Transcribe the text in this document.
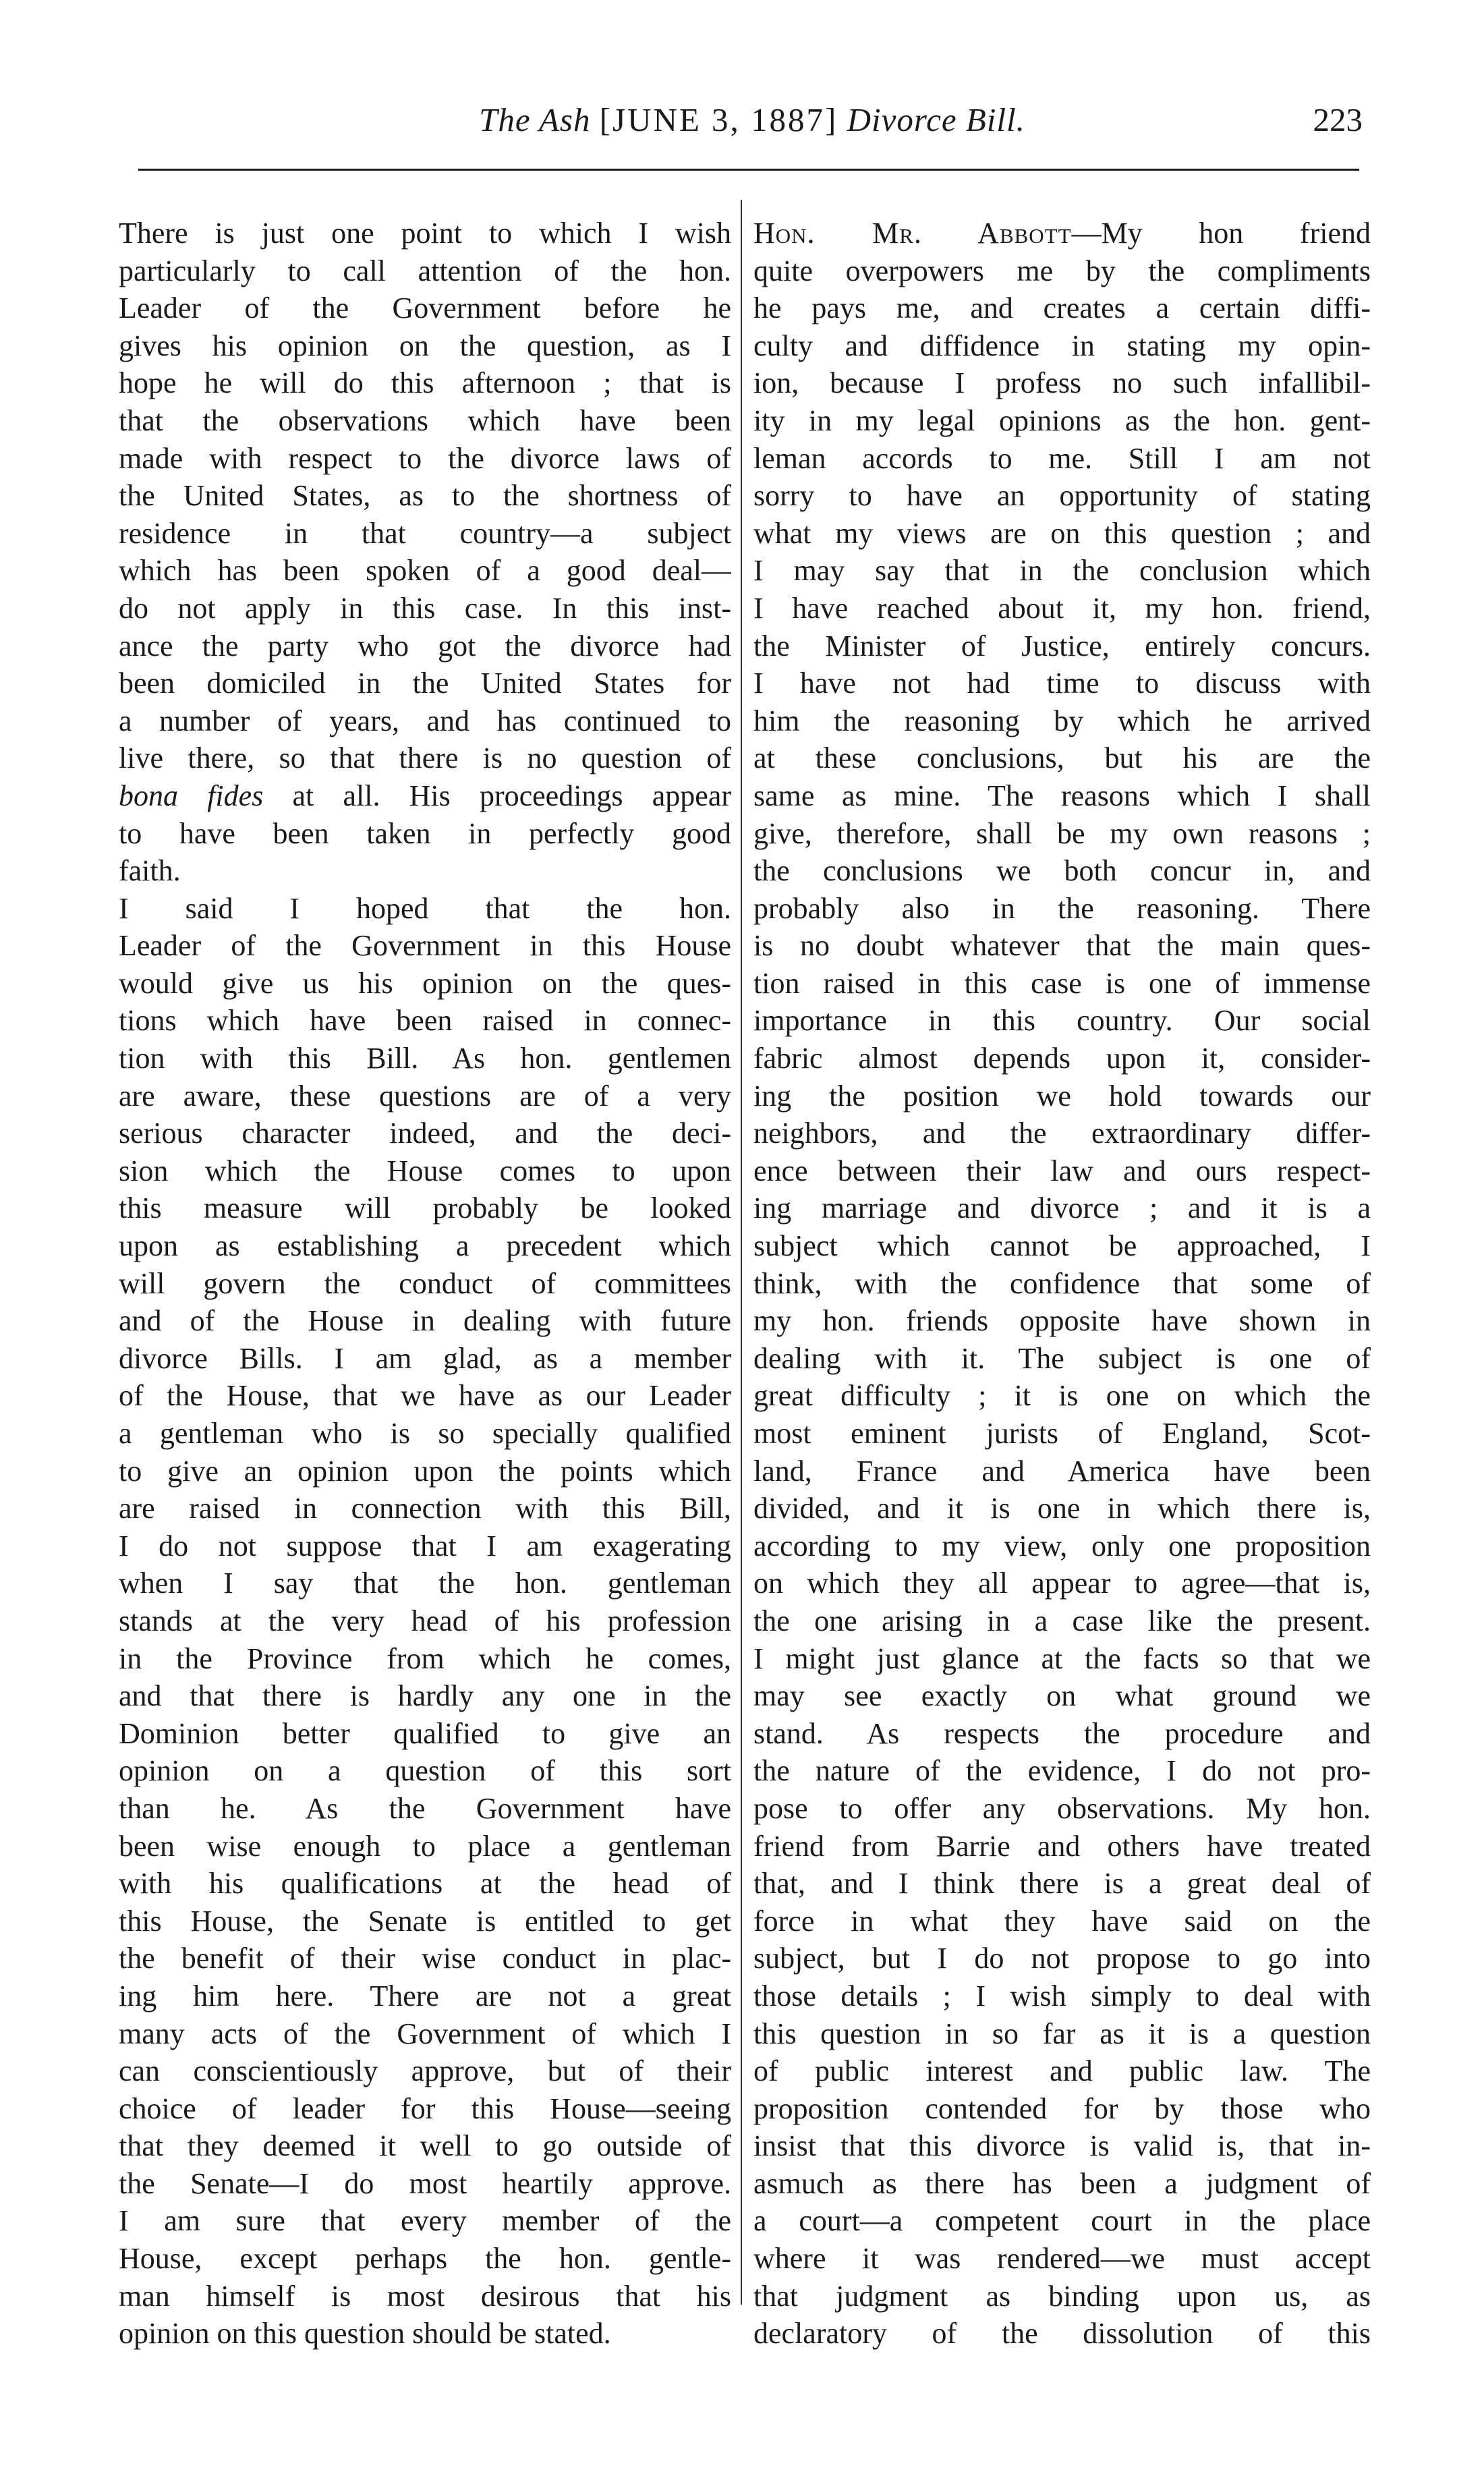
The Ash [JUNE 3, 1887] Divorce Bill.	223
There is just one point to which I wish
particularly to call attention of the hon.
Leader of the Government before he
gives his opinion on the question, as I
hope he will do this afternoon ; that is
that the observations which have been
made with respect to the divorce laws of
the United States, as to the shortness of
residence in that country—a subject
which has been spoken of a good deal—
do not apply in this case. In this inst-
ance the party who got the divorce had
been domiciled in the United States for
a number of years, and has continued to
live there, so that there is no question of
bona fides at all. His proceedings appear
to have been taken in perfectly good
faith.
I said I hoped that the hon.
Leader of the Government in this House
would give us his opinion on the ques-
tions which have been raised in connec-
tion with this Bill. As hon. gentlemen
are aware, these questions are of a very
serious character indeed, and the deci-
sion which the House comes to upon
this measure will probably be looked
upon as establishing a precedent which
will govern the conduct of committees
and of the House in dealing with future
divorce Bills. I am glad, as a member
of the House, that we have as our Leader
a gentleman who is so specially qualified
to give an opinion upon the points which
are raised in connection with this Bill,
I do not suppose that I am exagerating
when I say that the hon. gentleman
stands at the very head of his profession
in the Province from which he comes,
and that there is hardly any one in the
Dominion better qualified to give an
opinion on a question of this sort
than he. As the Government have
been wise enough to place a gentleman
with his qualifications at the head of
this House, the Senate is entitled to get
the benefit of their wise conduct in plac-
ing him here. There are not a great
many acts of the Government of which I
can conscientiously approve, but of their
choice of leader for this House—seeing
that they deemed it well to go outside of
the Senate—I do most heartily approve.
I am sure that every member of the
House, except perhaps the hon. gentle-
man himself is most desirous that his
opinion on this question should be stated.
Hon. Mr. Abbott—My hon friend
quite overpowers me by the compliments
he pays me, and creates a certain diffi-
culty and diffidence in stating my opin-
ion, because I profess no such infallibil-
ity in my legal opinions as the hon. gent-
leman accords to me. Still I am not
sorry to have an opportunity of stating
what my views are on this question ; and
I may say that in the conclusion which
I have reached about it, my hon. friend,
the Minister of Justice, entirely concurs.
I have not had time to discuss with
him the reasoning by which he arrived
at these conclusions, but his are the
same as mine. The reasons which I shall
give, therefore, shall be my own reasons ;
the conclusions we both concur in, and
probably also in the reasoning. There
is no doubt whatever that the main ques-
tion raised in this case is one of immense
importance in this country. Our social
fabric almost depends upon it, consider-
ing the position we hold towards our
neighbors, and the extraordinary differ-
ence between their law and ours respect-
ing marriage and divorce ; and it is a
subject which cannot be approached, I
think, with the confidence that some of
my hon. friends opposite have shown in
dealing with it. The subject is one of
great difficulty ; it is one on which the
most eminent jurists of England, Scot-
land, France and America have been
divided, and it is one in which there is,
according to my view, only one proposition
on which they all appear to agree—that is,
the one arising in a case like the present.
I might just glance at the facts so that we
may see exactly on what ground we
stand. As respects the procedure and
the nature of the evidence, I do not pro-
pose to offer any observations. My hon.
friend from Barrie and others have treated
that, and I think there is a great deal of
force in what they have said on the
subject, but I do not propose to go into
those details ; I wish simply to deal with
this question in so far as it is a question
of public interest and public law. The
proposition contended for by those who
insist that this divorce is valid is, that in-
asmuch as there has been a judgment of
a court—a competent court in the place
where it was rendered—we must accept
that judgment as binding upon us, as
declaratory of the dissolution of this
